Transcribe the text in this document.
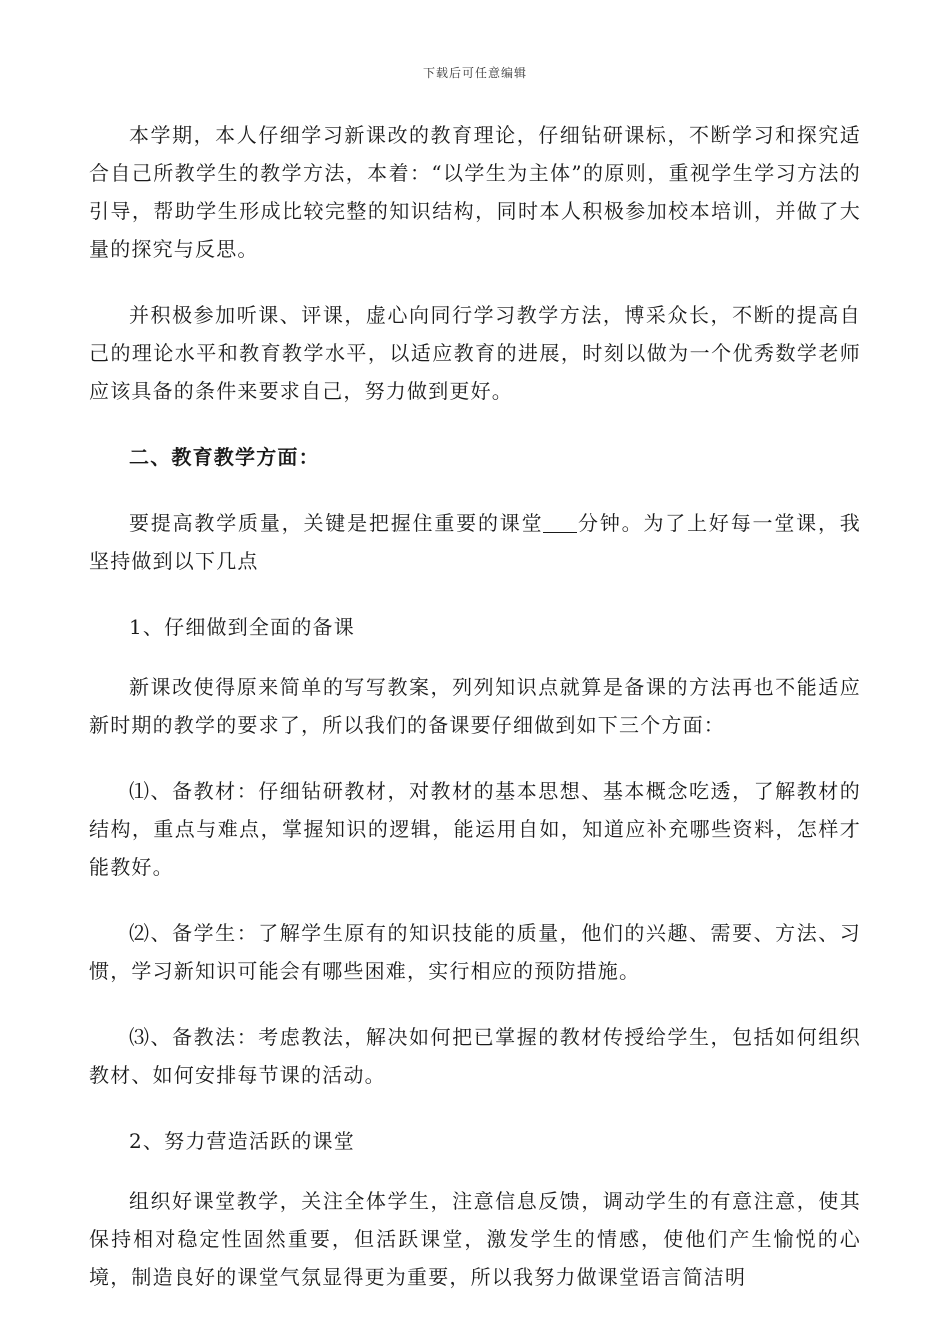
下载后可任意编辑

本学期，本人仔细学习新课改的教育理论，仔细钻研课标，不断学习和探究适合自己所教学生的教学方法，本着：“以学生为主体”的原则，重视学生学习方法的引导，帮助学生形成比较完整的知识结构，同时本人积极参加校本培训，并做了大量的探究与反思。

并积极参加听课、评课，虚心向同行学习教学方法，博采众长，不断的提高自己的理论水平和教育教学水平，以适应教育的进展，时刻以做为一个优秀数学老师应该具备的条件来要求自己，努力做到更好。

二、教育教学方面：

要提高教学质量，关键是把握住重要的课堂 分钟。为了上好每一堂课，我坚持做到以下几点

1、仔细做到全面的备课

新课改使得原来简单的写写教案，列列知识点就算是备课的方法再也不能适应新时期的教学的要求了，所以我们的备课要仔细做到如下三个方面：

⑴、备教材：仔细钻研教材，对教材的基本思想、基本概念吃透，了解教材的结构，重点与难点，掌握知识的逻辑，能运用自如，知道应补充哪些资料，怎样才能教好。

⑵、备学生：了解学生原有的知识技能的质量，他们的兴趣、需要、方法、习惯，学习新知识可能会有哪些困难，实行相应的预防措施。

⑶、备教法：考虑教法，解决如何把已掌握的教材传授给学生，包括如何组织教材、如何安排每节课的活动。

2、努力营造活跃的课堂

组织好课堂教学，关注全体学生，注意信息反馈，调动学生的有意注意，使其保持相对稳定性固然重要，但活跃课堂，激发学生的情感，使他们产生愉悦的心境，制造良好的课堂气氛显得更为重要，所以我努力做课堂语言简洁明
